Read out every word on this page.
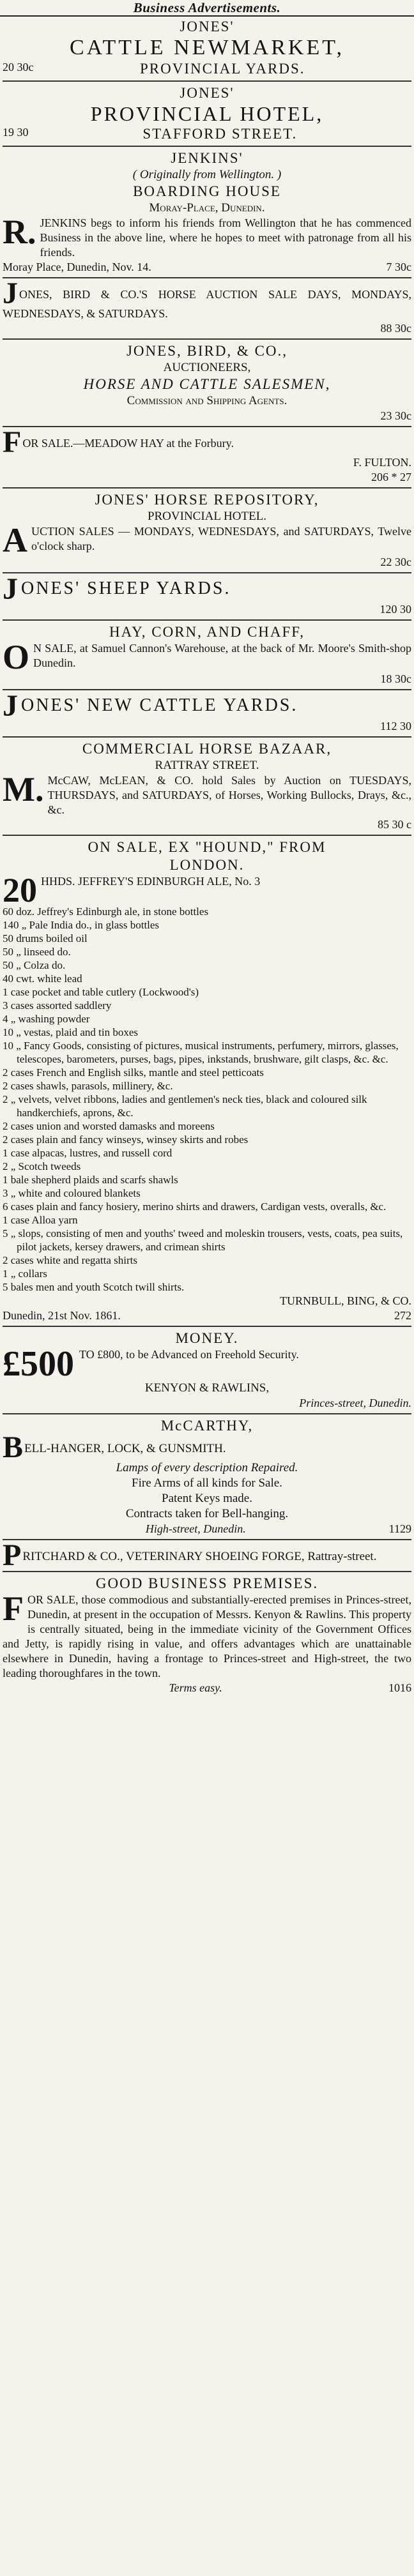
Business Advertisements.
JONES'
CATTLE NEWMARKET,
20 30c	PROVINCIAL YARDS.
JONES'
PROVINCIAL HOTEL,
19 30	STAFFORD STREET.
JENKINS'
( Originally from Wellington. )
BOARDING HOUSE
Moray-Place, Dunedin.
R. JENKINS begs to inform his friends from Wellington that he has commenced Business in the above line, where he hopes to meet with patronage from all his friends.
Moray Place, Dunedin, Nov. 14.	7 30c
JONES, BIRD & CO.'S HORSE AUCTION SALE DAYS, MONDAYS, WEDNESDAYS, & SATURDAYS.
88 30c
JONES, BIRD, & CO.,
AUCTIONEERS,
HORSE AND CATTLE SALESMEN,
Commission and Shipping Agents.
23 30c
FOR SALE.—MEADOW HAY at the Forbury.
F. FULTON.
206 * 27
JONES' HORSE REPOSITORY,
PROVINCIAL HOTEL.
A UCTION SALES — MONDAYS, WEDNESDAYS, and SATURDAYS, Twelve o'clock sharp.
22 30c
JONES' SHEEP YARDS.
120 30
HAY, CORN, AND CHAFF,
O N SALE, at Samuel Cannon's Warehouse, at the back of Mr. Moore's Smith-shop Dunedin.
18 30c
JONES' NEW CATTLE YARDS.
112 30
COMMERCIAL HORSE BAZAAR,
RATTRAY STREET.
M. McCAW, McLEAN, & CO. hold Sales by Auction on TUESDAYS, THURSDAYS, and SATURDAYS, of Horses, Working Bullocks, Drays, &c., &c.
85 30 c
ON SALE, EX "HOUND," FROM
LONDON.
20 HHDS. JEFFREY'S EDINBURGH ALE, No. 3
60 doz. Jeffrey's Edinburgh ale, in stone bottles
140 „ Pale India do., in glass bottles
50 drums boiled oil
50 „ linseed do.
50 „ Colza do.
40 cwt. white lead
1 case pocket and table cutlery (Lockwood's)
3 cases assorted saddlery
4 „ washing powder
10 „ vestas, plaid and tin boxes
10 „ Fancy Goods, consisting of pictures, musical instruments, perfumery, mirrors, glasses, telescopes, barometers, purses, bags, pipes, inkstands, brushware, gilt clasps, &c. &c.
2 cases French and English silks, mantle and steel petticoats
2 cases shawls, parasols, millinery, &c.
2 „ velvets, velvet ribbons, ladies and gentlemen's neck ties, black and coloured silk handkerchiefs, aprons, &c.
2 cases union and worsted damasks and moreens
2 cases plain and fancy winseys, winsey skirts and robes
1 case alpacas, lustres, and russell cord
2 „ Scotch tweeds
1 bale shepherd plaids and scarfs shawls
3 „ white and coloured blankets
6 cases plain and fancy hosiery, merino shirts and drawers, Cardigan vests, overalls, &c.
1 case Alloa yarn
5 „ slops, consisting of men and youths' tweed and moleskin trousers, vests, coats, pea suits, pilot jackets, kersey drawers, and crimean shirts
2 cases white and regatta shirts
1 „ collars
5 bales men and youth Scotch twill shirts.
TURNBULL, BING, & CO.
Dunedin, 21st Nov. 1861.	272
MONEY.
£500 TO £800, to be Advanced on Freehold Security.
KENYON & RAWLINS,
Princes-street, Dunedin.
McCARTHY,
BELL-HANGER, LOCK, & GUNSMITH.
Lamps of every description Repaired.
Fire Arms of all kinds for Sale.
Patent Keys made.
Contracts taken for Bell-hanging.
High-street, Dunedin.	1129
PRITCHARD & CO., VETERINARY SHOEING FORGE, Rattray-street.
GOOD BUSINESS PREMISES.
F OR SALE, those commodious and substantially-erected premises in Princes-street, Dunedin, at present in the occupation of Messrs. Kenyon & Rawlins. This property is centrally situated, being in the immediate vicinity of the Government Offices and Jetty, is rapidly rising in value, and offers advantages which are unattainable elsewhere in Dunedin, having a frontage to Princes-street and High-street, the two leading thoroughfares in the town.
Terms easy.	1016
